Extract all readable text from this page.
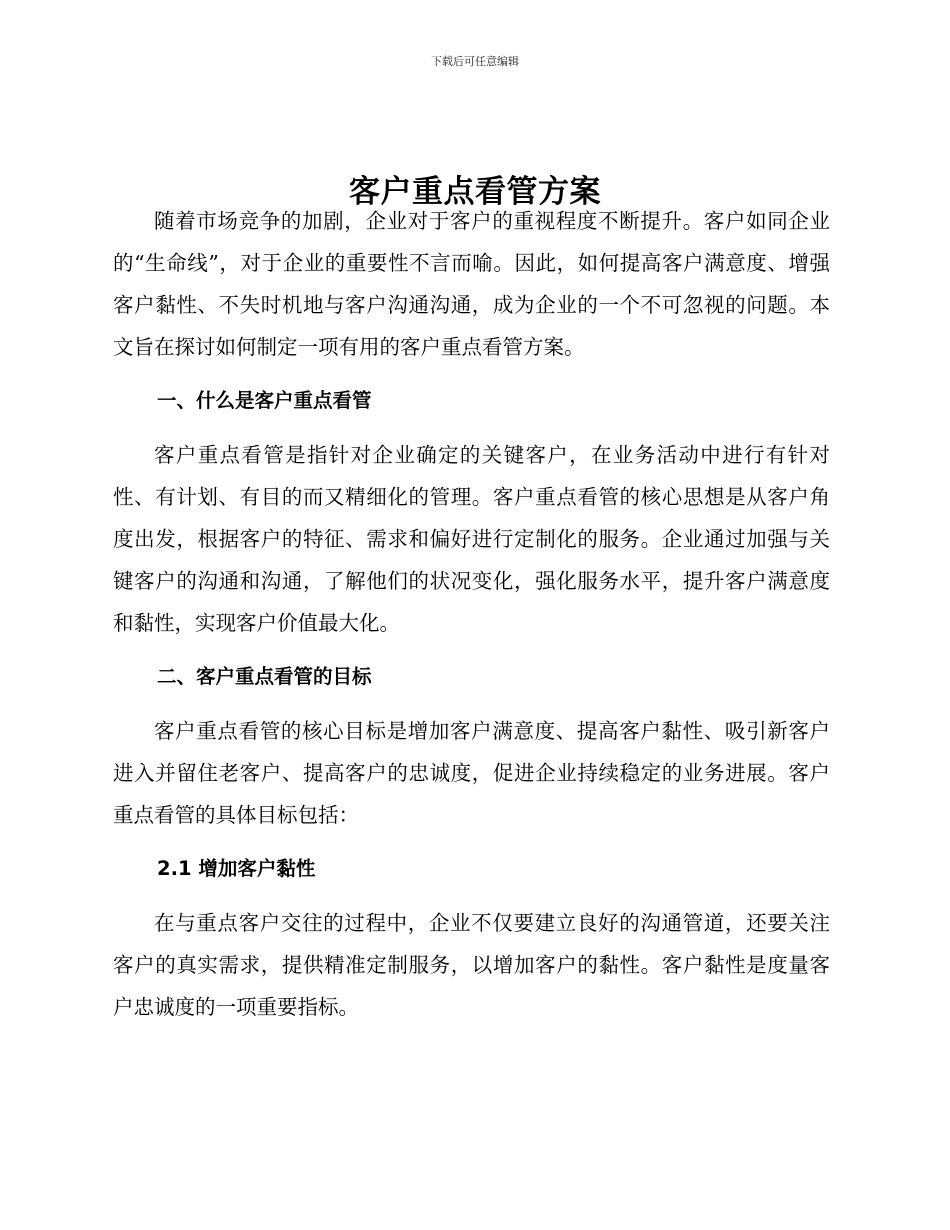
下载后可任意编辑
客户重点看管方案

随着市场竞争的加剧，企业对于客户的重视程度不断提升。客户如同企业的“生命线”，对于企业的重要性不言而喻。因此，如何提高客户满意度、增强客户黏性、不失时机地与客户沟通沟通，成为企业的一个不可忽视的问题。本文旨在探讨如何制定一项有用的客户重点看管方案。

一、什么是客户重点看管

客户重点看管是指针对企业确定的关键客户，在业务活动中进行有针对性、有计划、有目的而又精细化的管理。客户重点看管的核心思想是从客户角度出发，根据客户的特征、需求和偏好进行定制化的服务。企业通过加强与关键客户的沟通和沟通，了解他们的状况变化，强化服务水平，提升客户满意度和黏性，实现客户价值最大化。

二、客户重点看管的目标

客户重点看管的核心目标是增加客户满意度、提高客户黏性、吸引新客户进入并留住老客户、提高客户的忠诚度，促进企业持续稳定的业务进展。客户重点看管的具体目标包括：

2.1 增加客户黏性

在与重点客户交往的过程中，企业不仅要建立良好的沟通管道，还要关注客户的真实需求，提供精准定制服务，以增加客户的黏性。客户黏性是度量客户忠诚度的一项重要指标。
